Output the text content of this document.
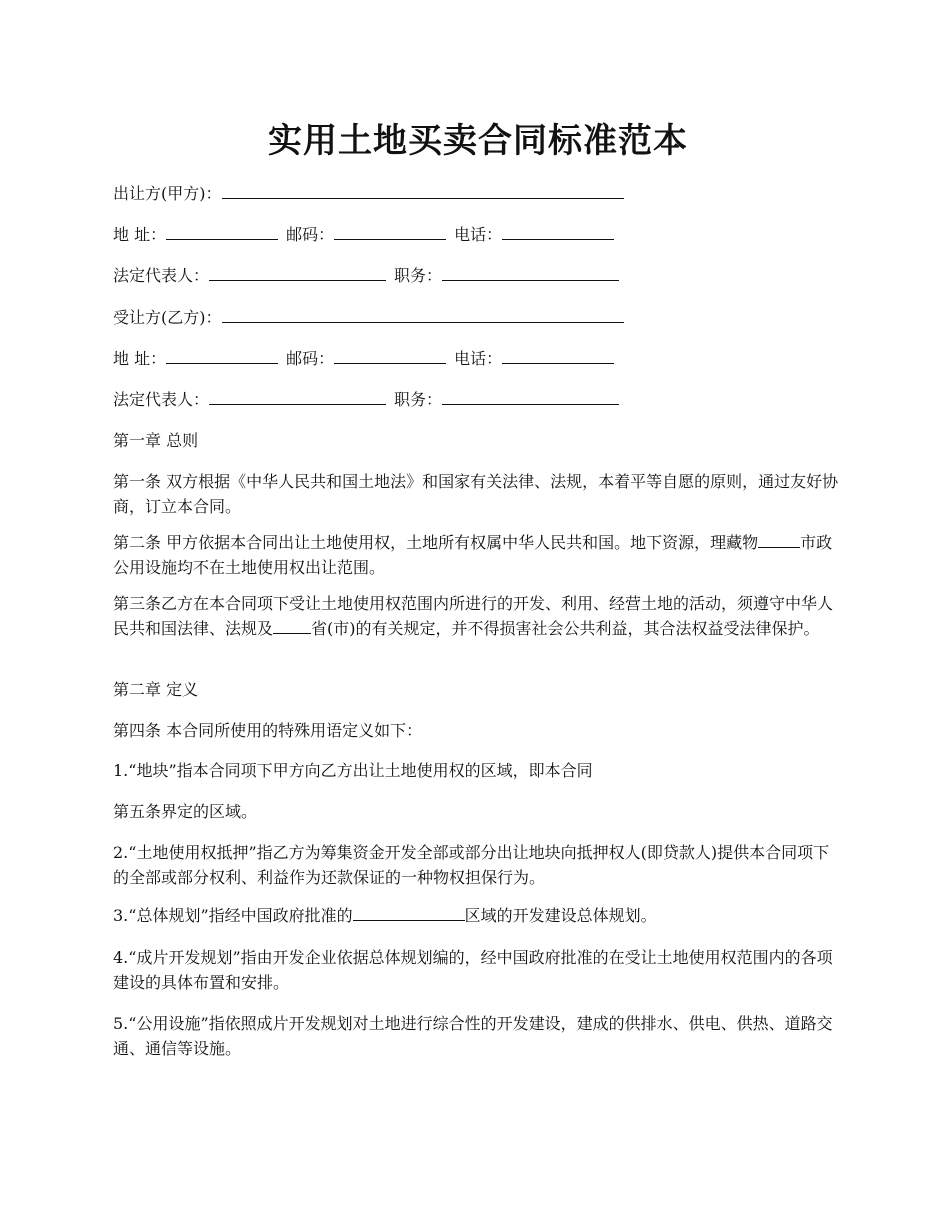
实用土地买卖合同标准范本
出让方(甲方)：
地 址：	邮码：	电话：
法定代表人：	职务：
受让方(乙方)：
地 址：	邮码：	电话：
法定代表人：	职务：
第一章 总则

第一条 双方根据《中华人民共和国土地法》和国家有关法律、法规，本着平等自愿的原则，通过友好协商，订立本合同。

第二条 甲方依据本合同出让土地使用权，土地所有权属中华人民共和国。地下资源，理藏物	市政公用设施均不在土地使用权出让范围。

第三条乙方在本合同项下受让土地使用权范围内所进行的开发、利用、经营土地的活动，须遵守中华人民共和国法律、法规及 省(市)的有关规定，并不得损害社会公共利益，其合法权益受法律保护。

第二章 定义
第四条 本合同所使用的特殊用语定义如下：
1.“地块”指本合同项下甲方向乙方出让土地使用权的区域，即本合同
第五条界定的区域。

2.“土地使用权抵押”指乙方为筹集资金开发全部或部分出让地块向抵押权人(即贷款人)提供本合同项下的全部或部分权利、利益作为还款保证的一种物权担保行为。

3.“总体规划”指经中国政府批准的	区域的开发建设总体规划。

4.“成片开发规划”指由开发企业依据总体规划编的，经中国政府批准的在受让土地使用权范围内的各项建设的具体布置和安排。

5.“公用设施”指依照成片开发规划对土地进行综合性的开发建设，建成的供排水、供电、供热、道路交通、通信等设施。
